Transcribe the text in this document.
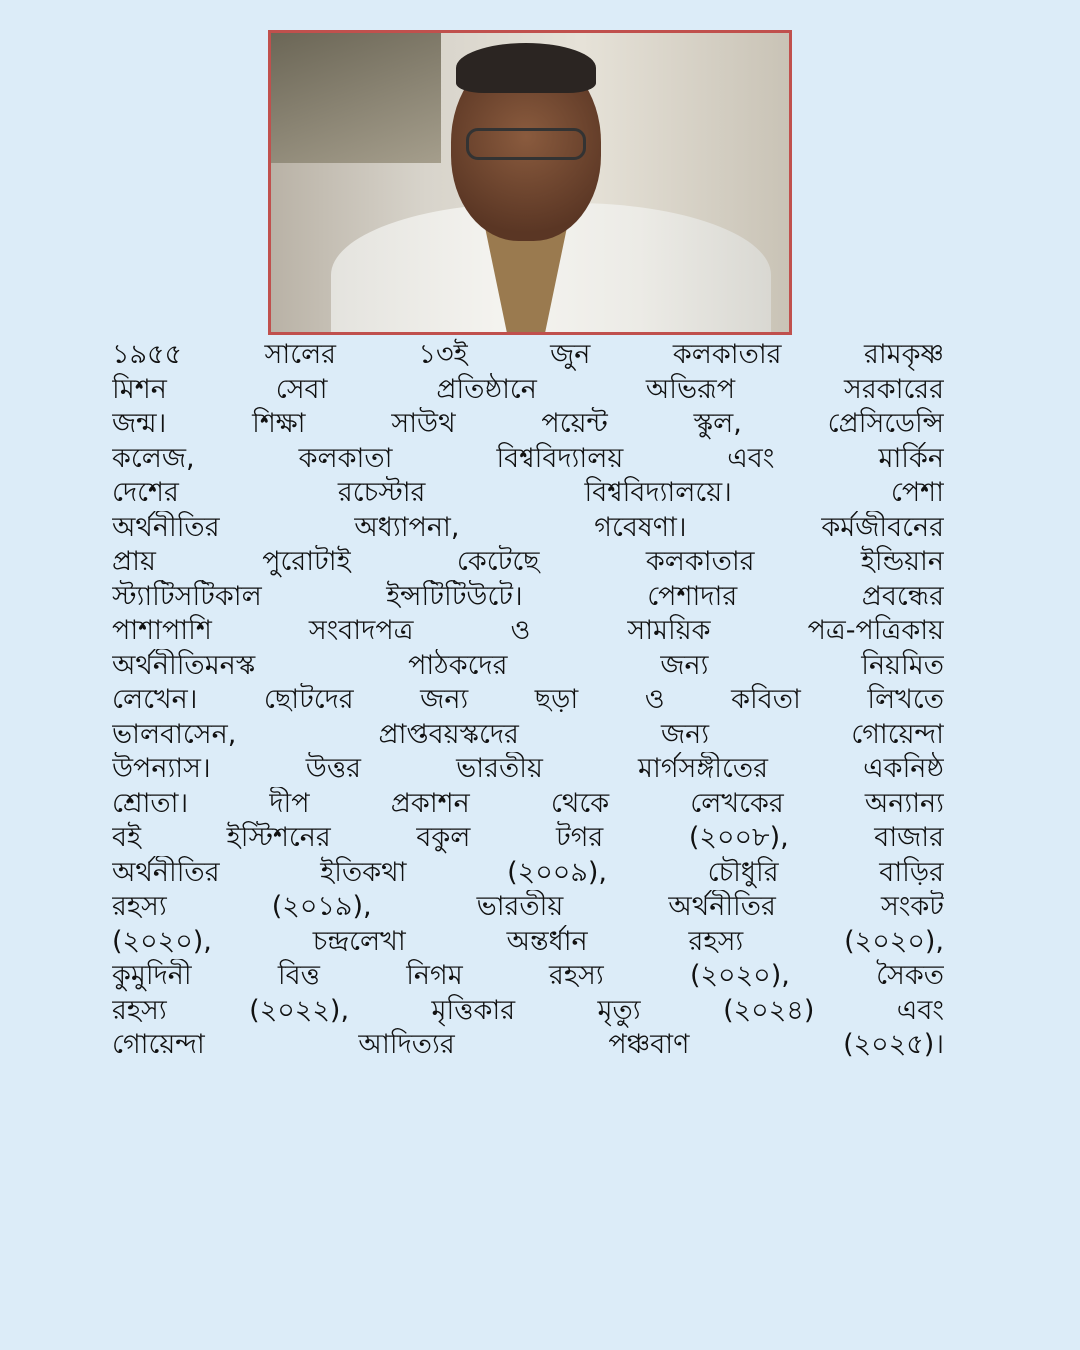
১৯৫৫ সালের ১৩ই জুন কলকাতার রামকৃষ্ণ
মিশন সেবা প্রতিষ্ঠানে অভিরূপ সরকারের
জন্ম। শিক্ষা সাউথ পয়েন্ট স্কুল, প্রেসিডেন্সি
কলেজ, কলকাতা বিশ্ববিদ্যালয় এবং মার্কিন
দেশের রচেস্টার বিশ্ববিদ্যালয়ে। পেশা
অর্থনীতির অধ্যাপনা, গবেষণা। কর্মজীবনের
প্রায় পুরোটাই কেটেছে কলকাতার ইন্ডিয়ান
স্ট্যাটিসটিকাল ইন্সটিটিউটে। পেশাদার প্রবন্ধের
পাশাপাশি সংবাদপত্র ও সাময়িক পত্র-পত্রিকায়
অর্থনীতিমনস্ক পাঠকদের জন্য নিয়মিত
লেখেন। ছোটদের জন্য ছড়া ও কবিতা লিখতে
ভালবাসেন, প্রাপ্তবয়স্কদের জন্য গোয়েন্দা
উপন্যাস। উত্তর ভারতীয় মার্গসঙ্গীতের একনিষ্ঠ
শ্রোতা। দীপ প্রকাশন থেকে লেখকের অন্যান্য
বই ইস্টিশনের বকুল টগর (২০০৮), বাজার
অর্থনীতির ইতিকথা (২০০৯), চৌধুরি বাড়ির
রহস্য (২০১৯), ভারতীয় অর্থনীতির সংকট
(২০২০), চন্দ্রলেখা অন্তর্ধান রহস্য (২০২০),
কুমুদিনী বিত্ত নিগম রহস্য (২০২০), সৈকত
রহস্য (২০২২), মৃত্তিকার মৃত্যু (২০২৪) এবং
গোয়েন্দা আদিত্যর পঞ্চবাণ (২০২৫)।
